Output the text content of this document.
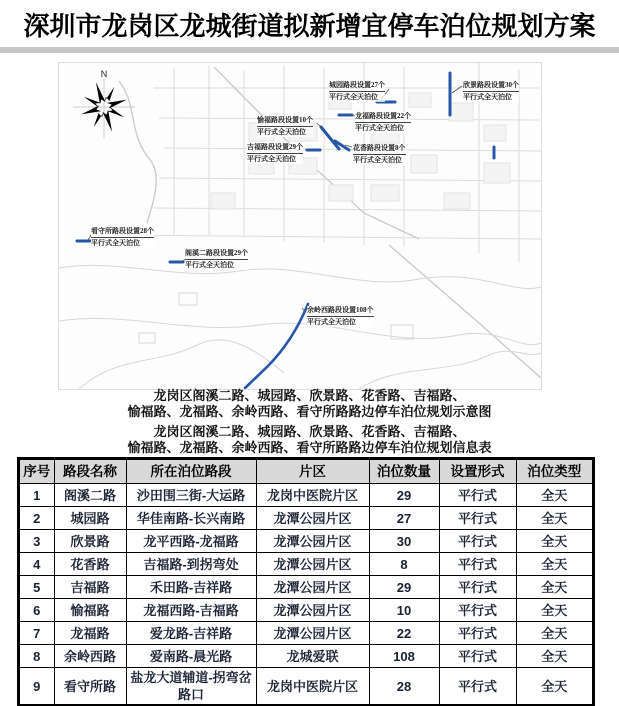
深圳市龙岗区龙城街道拟新增宜停车泊位规划方案
N
城园路段设置27个
平行式全天泊位
欣景路段设置30个
平行式全天泊位
愉福路段设置10个
平行式全天泊位
龙福路段设置22个
平行式全天泊位
吉福路段设置29个
平行式全天泊位
花香路段设置8个
平行式全天泊位
看守所路段设置28个
平行式全天泊位
阁溪二路段设置29个
平行式全天泊位
余岭西路段设置108个
平行式全天泊位
龙岗区阁溪二路、城园路、欣景路、花香路、吉福路、
愉福路、龙福路、余岭西路、看守所路路边停车泊位规划示意图
龙岗区阁溪二路、城园路、欣景路、花香路、吉福路、
愉福路、龙福路、余岭西路、看守所路路边停车泊位规划信息表
序号	路段名称	所在泊位路段	片区	泊位数量	设置形式	泊位类型
1	阁溪二路	沙田围三街-大运路	龙岗中医院片区	29	平行式	全天
2	城园路	华佳南路-长兴南路	龙潭公园片区	27	平行式	全天
3	欣景路	龙平西路-龙福路	龙潭公园片区	30	平行式	全天
4	花香路	吉福路-到拐弯处	龙潭公园片区	8	平行式	全天
5	吉福路	禾田路-吉祥路	龙潭公园片区	29	平行式	全天
6	愉福路	龙福西路-吉福路	龙潭公园片区	10	平行式	全天
7	龙福路	爱龙路-吉祥路	龙潭公园片区	22	平行式	全天
8	余岭西路	爱南路-晨光路	龙城爱联	108	平行式	全天
9	看守所路	盐龙大道辅道-拐弯岔路口	龙岗中医院片区	28	平行式	全天
